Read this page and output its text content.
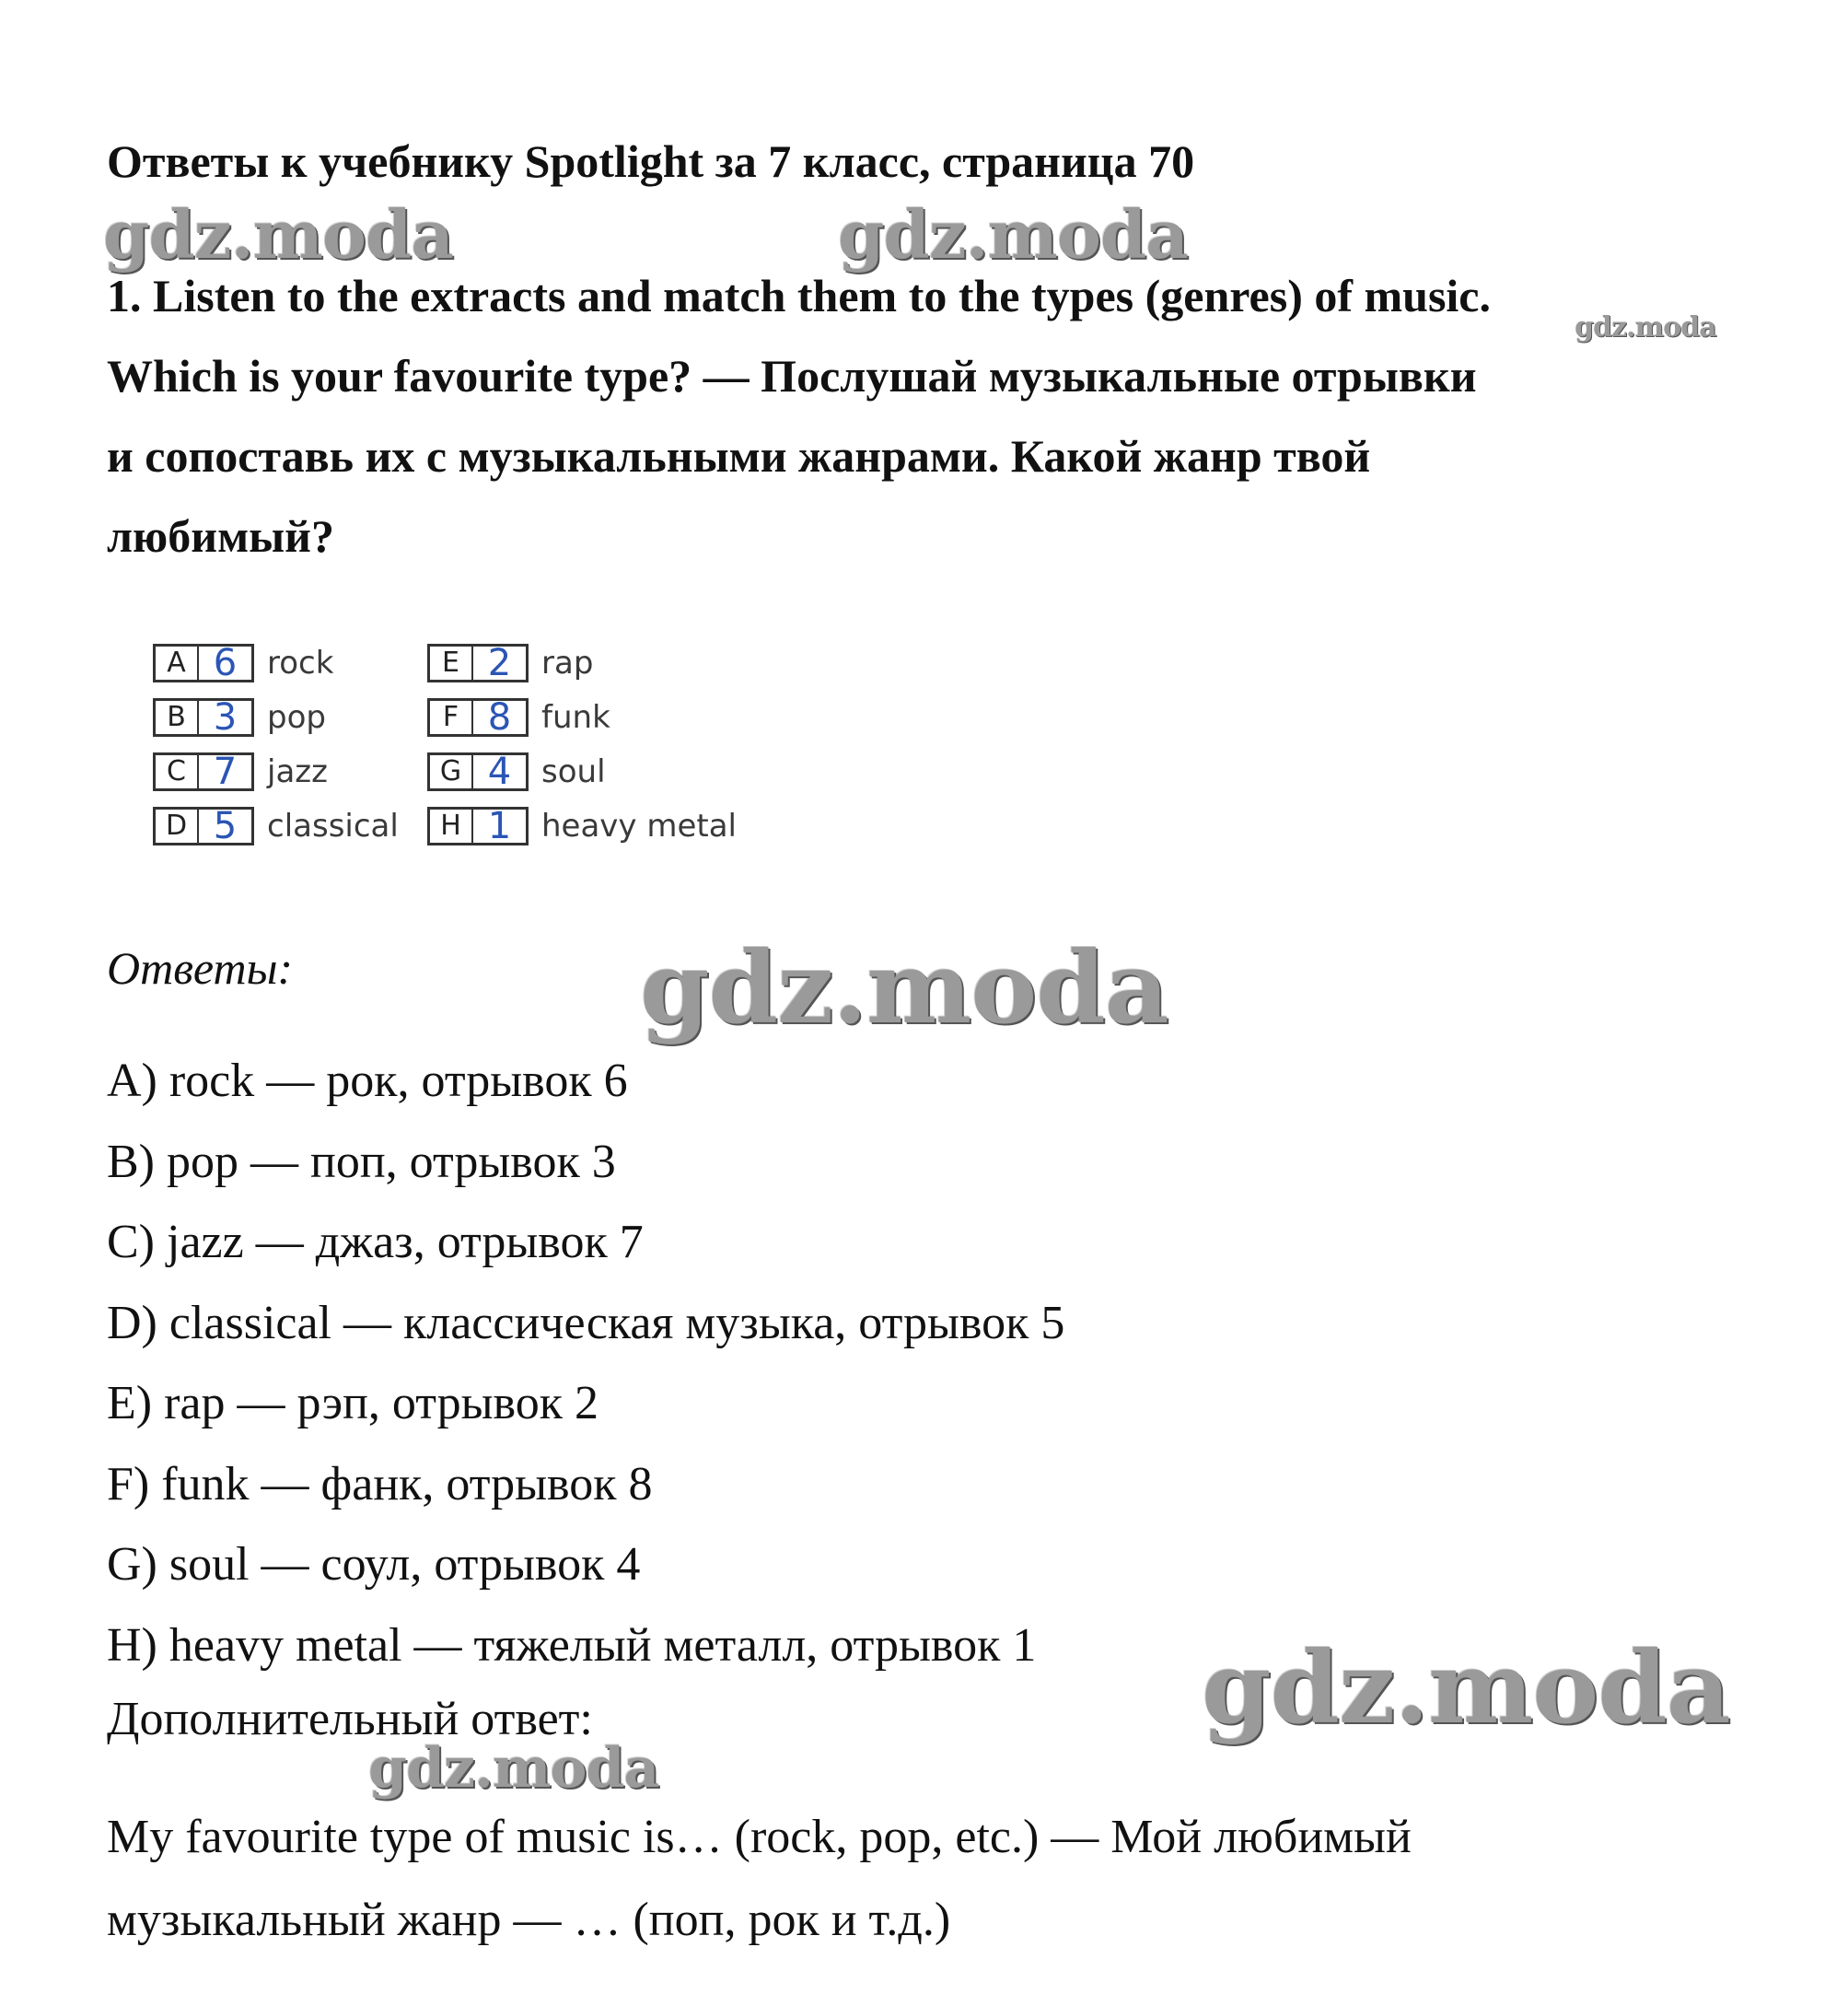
Ответы к учебнику Spotlight за 7 класс, страница 70

1. Listen to the extracts and match them to the types (genres) of music.

Which is your favourite type? — Послушай музыкальные отрывки

и сопоставь их с музыкальными жанрами. Какой жанр твой

любимый?

A 6 rock
B 3 pop
C 7 jazz
D 5 classical
E 2 rap
F 8 funk
G 4 soul
H 1 heavy metal
Ответы:
A) rock — рок, отрывок 6
B) pop — поп, отрывок 3
C) jazz — джаз, отрывок 7
D) classical — классическая музыка, отрывок 5
E) rap — рэп, отрывок 2
F) funk — фанк, отрывок 8
G) soul — соул, отрывок 4
H) heavy metal — тяжелый металл, отрывок 1
Дополнительный ответ:
My favourite type of music is… (rock, pop, etc.) — Мой любимый
музыкальный жанр — … (поп, рок и т.д.)
gdz.moda	gdz.moda
gdz.moda
gdz.moda
gdz.moda
gdz.moda
